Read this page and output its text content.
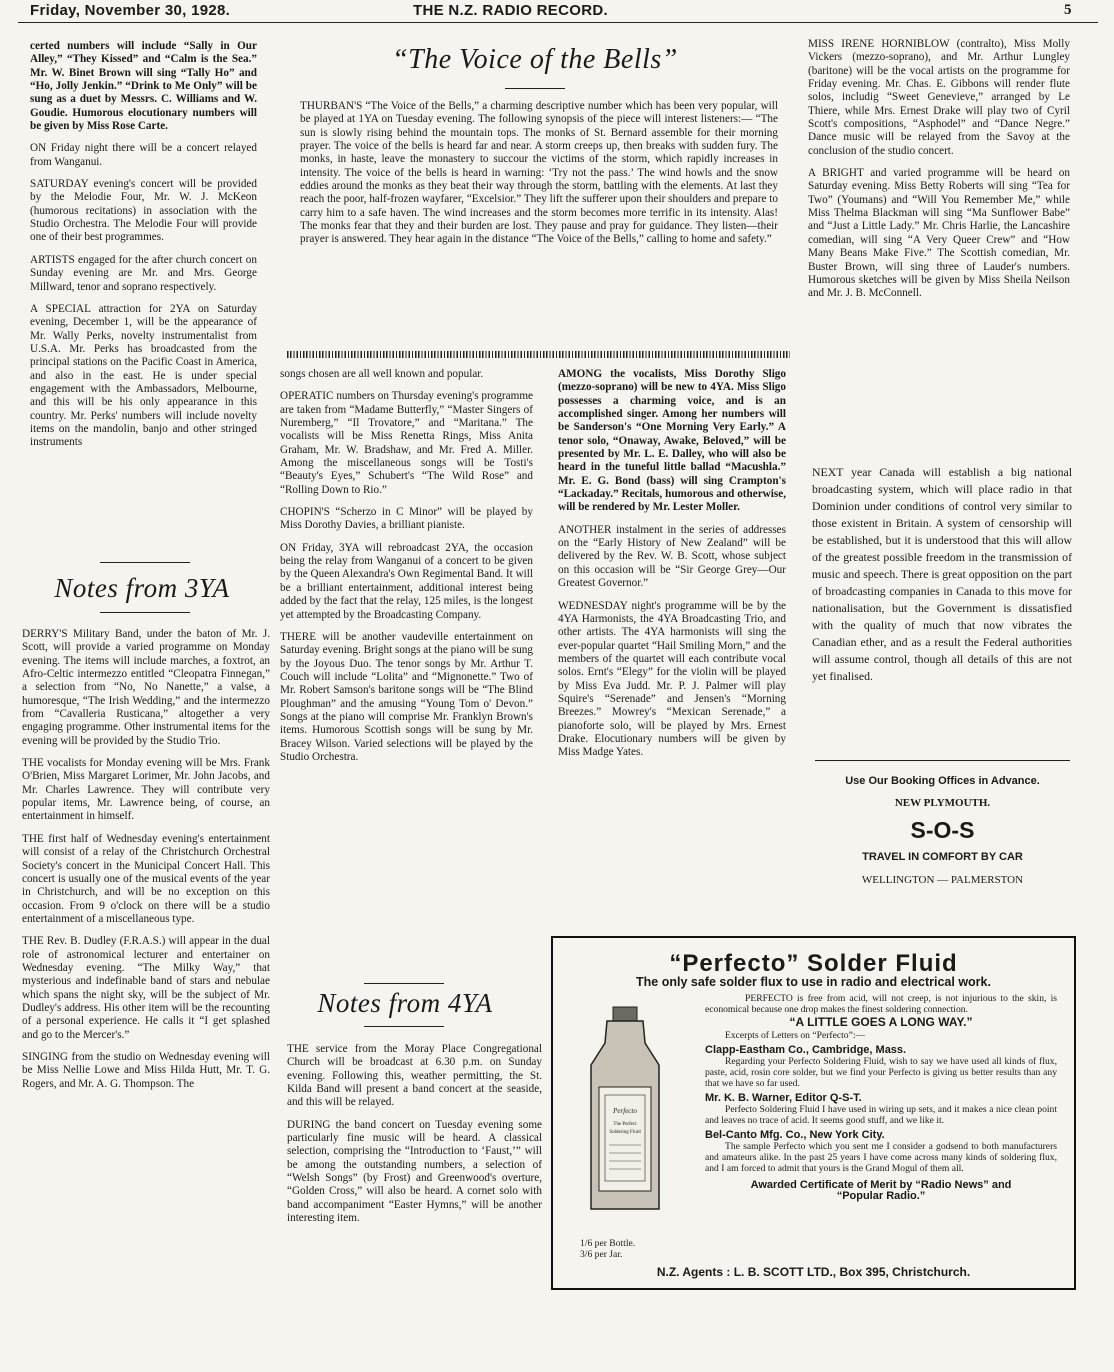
Friday, November 30, 1928.	THE N.Z. RADIO RECORD.	5

certed numbers will include “Sally in Our Alley,” “They Kissed” and “Calm is the Sea.” Mr. W. Binet Brown will sing “Tally Ho” and “Ho, Jolly Jenkin.” “Drink to Me Only” will be sung as a duet by Messrs. C. Williams and W. Goudie. Humorous elocutionary numbers will be given by Miss Rose Carte.

ON Friday night there will be a concert relayed from Wanganui.

SATURDAY evening's concert will be provided by the Melodie Four, Mr. W. J. McKeon (humorous recitations) in association with the Studio Orchestra. The Melodie Four will provide one of their best programmes.

ARTISTS engaged for the after church concert on Sunday evening are Mr. and Mrs. George Millward, tenor and soprano respectively.

A SPECIAL attraction for 2YA on Saturday evening, December 1, will be the appearance of Mr. Wally Perks, novelty instrumentalist from U.S.A. Mr. Perks has broadcasted from the principal stations on the Pacific Coast in America, and also in the east. He is under special engagement with the Ambassadors, Melbourne, and this will be his only appearance in this country. Mr. Perks' numbers will include novelty items on the mandolin, banjo and other stringed instruments

Notes from 3YA

DERRY'S Military Band, under the baton of Mr. J. Scott, will provide a varied programme on Monday evening. The items will include marches, a foxtrot, an Afro-Celtic intermezzo entitled “Cleopatra Finnegan,” a selection from “No, No Nanette,” a valse, a humoresque, “The Irish Wedding,” and the intermezzo from “Cavalleria Rusticana,” altogether a very engaging programme. Other instrumental items for the evening will be provided by the Studio Trio.

THE vocalists for Monday evening will be Mrs. Frank O'Brien, Miss Margaret Lorimer, Mr. John Jacobs, and Mr. Charles Lawrence. They will contribute very popular items, Mr. Lawrence being, of course, an entertainment in himself.

THE first half of Wednesday evening's entertainment will consist of a relay of the Christchurch Orchestral Society's concert in the Municipal Concert Hall. This concert is usually one of the musical events of the year in Christchurch, and will be no exception on this occasion. From 9 o'clock on there will be a studio entertainment of a miscellaneous type.

THE Rev. B. Dudley (F.R.A.S.) will appear in the dual role of astronomical lecturer and entertainer on Wednesday evening. “The Milky Way,” that mysterious and indefinable band of stars and nebulae which spans the night sky, will be the subject of Mr. Dudley's address. His other item will be the recounting of a personal experience. He calls it “I get splashed and go to the Mercer's.”

SINGING from the studio on Wednesday evening will be Miss Nellie Lowe and Miss Hilda Hutt, Mr. T. G. Rogers, and Mr. A. G. Thompson. The

“The Voice of the Bells”

THURBAN'S “The Voice of the Bells,” a charming descriptive number which has been very popular, will be played at 1YA on Tuesday evening. The following synopsis of the piece will interest listeners:— “The sun is slowly rising behind the mountain tops. The monks of St. Bernard assemble for their morning prayer. The voice of the bells is heard far and near. A storm creeps up, then breaks with sudden fury. The monks, in haste, leave the monastery to succour the victims of the storm, which rapidly increases in intensity. The voice of the bells is heard in warning: ‘Try not the pass.’ The wind howls and the snow eddies around the monks as they beat their way through the storm, battling with the elements. At last they reach the poor, half-frozen wayfarer, “Excelsior.” They lift the sufferer upon their shoulders and prepare to carry him to a safe haven. The wind increases and the storm becomes more terrific in its intensity. Alas! The monks fear that they and their burden are lost. They pause and pray for guidance. They listen—their prayer is answered. They hear again in the distance “The Voice of the Bells,” calling to home and safety.”

songs chosen are all well known and popular.

OPERATIC numbers on Thursday evening's programme are taken from “Madame Butterfly,” “Master Singers of Nuremberg,” “Il Trovatore,” and “Maritana.” The vocalists will be Miss Renetta Rings, Miss Anita Graham, Mr. W. Bradshaw, and Mr. Fred A. Miller. Among the miscellaneous songs will be Tosti's “Beauty's Eyes,” Schubert's “The Wild Rose” and “Rolling Down to Rio.”

CHOPIN'S “Scherzo in C Minor” will be played by Miss Dorothy Davies, a brilliant pianiste.

ON Friday, 3YA will rebroadcast 2YA, the occasion being the relay from Wanganui of a concert to be given by the Queen Alexandra's Own Regimental Band. It will be a brilliant entertainment, additional interest being added by the fact that the relay, 125 miles, is the longest yet attempted by the Broadcasting Company.

THERE will be another vaudeville entertainment on Saturday evening. Bright songs at the piano will be sung by the Joyous Duo. The tenor songs by Mr. Arthur T. Couch will include “Lolita” and “Mignonette.” Two of Mr. Robert Samson's baritone songs will be “The Blind Ploughman” and the amusing “Young Tom o' Devon.” Songs at the piano will comprise Mr. Franklyn Brown's items. Humorous Scottish songs will be sung by Mr. Bracey Wilson. Varied selections will be played by the Studio Orchestra.

Notes from 4YA

THE service from the Moray Place Congregational Church will be broadcast at 6.30 p.m. on Sunday evening. Following this, weather permitting, the St. Kilda Band will present a band concert at the seaside, and this will be relayed.

DURING the band concert on Tuesday evening some particularly fine music will be heard. A classical selection, comprising the “Introduction to ‘Faust,’” will be among the outstanding numbers, a selection of “Welsh Songs” (by Frost) and Greenwood's overture, “Golden Cross,” will also be heard. A cornet solo with band accompaniment “Easter Hymns,” will be another interesting item.

AMONG the vocalists, Miss Dorothy Sligo (mezzo-soprano) will be new to 4YA. Miss Sligo possesses a charming voice, and is an accomplished singer. Among her numbers will be Sanderson's “One Morning Very Early.” A tenor solo, “Onaway, Awake, Beloved,” will be presented by Mr. L. E. Dalley, who will also be heard in the tuneful little ballad “Macushla.” Mr. E. G. Bond (bass) will sing Crampton's “Lackaday.” Recitals, humorous and otherwise, will be rendered by Mr. Lester Moller.

ANOTHER instalment in the series of addresses on the “Early History of New Zealand” will be delivered by the Rev. W. B. Scott, whose subject on this occasion will be “Sir George Grey—Our Greatest Governor.”

WEDNESDAY night's programme will be by the 4YA Harmonists, the 4YA Broadcasting Trio, and other artists. The 4YA harmonists will sing the ever-popular quartet “Hail Smiling Morn,” and the members of the quartet will each contribute vocal solos. Ernt's “Elegy” for the violin will be played by Miss Eva Judd. Mr. P. J. Palmer will play Squire's “Serenade” and Jensen's “Morning Breezes.” Mowrey's “Mexican Serenade,” a pianoforte solo, will be played by Mrs. Ernest Drake. Elocutionary numbers will be given by Miss Madge Yates.

MISS IRENE HORNIBLOW (contralto), Miss Molly Vickers (mezzo-soprano), and Mr. Arthur Lungley (baritone) will be the vocal artists on the programme for Friday evening. Mr. Chas. E. Gibbons will render flute solos, includig “Sweet Genevieve,” arranged by Le Thiere, while Mrs. Ernest Drake will play two of Cyril Scott's compositions, “Asphodel” and “Dance Negre.” Dance music will be relayed from the Savoy at the conclusion of the studio concert.

A BRIGHT and varied programme will be heard on Saturday evening. Miss Betty Roberts will sing “Tea for Two” (Youmans) and “Will You Remember Me,” while Miss Thelma Blackman will sing “Ma Sunflower Babe” and “Just a Little Lady.” Mr. Chris Harlie, the Lancashire comedian, will sing “A Very Queer Crew” and “How Many Beans Make Five.” The Scottish comedian, Mr. Buster Brown, will sing three of Lauder's numbers. Humorous sketches will be given by Miss Sheila Neilson and Mr. J. B. McConnell.

NEXT year Canada will establish a big national broadcasting system, which will place radio in that Dominion under conditions of control very similar to those existent in Britain. A system of censorship will be established, but it is understood that this will allow of the greatest possible freedom in the transmission of music and speech. There is great opposition on the part of broadcasting companies in Canada to this move for nationalisation, but the Government is dissatisfied with the quality of much that now vibrates the Canadian ether, and as a result the Federal authorities will assume control, though all details of this are not yet finalised.

Use Our Booking Offices in Advance.
NEW PLYMOUTH.
S-O-S
TRAVEL IN COMFORT BY CAR
WELLINGTON — PALMERSTON
“Perfecto” Solder Fluid
The only safe solder flux to use in radio and electrical work.
Perfecto
The Perfect
Soldering Fluid
1/6 per Bottle.
3/6 per Jar.

PERFECTO is free from acid, will not creep, is not injurious to the skin, is economical because one drop makes the finest soldering connection.

“A LITTLE GOES A LONG WAY.”

Excerpts of Letters on “Perfecto”:—

Clapp-Eastham Co., Cambridge, Mass.

Regarding your Perfecto Soldering Fluid, wish to say we have used all kinds of flux, paste, acid, rosin core solder, but we find your Perfecto is giving us better results than any that we have so far used.

Mr. K. B. Warner, Editor Q-S-T.

Perfecto Soldering Fluid I have used in wiring up sets, and it makes a nice clean point and leaves no trace of acid. It seems good stuff, and we like it.

Bel-Canto Mfg. Co., New York City.

The sample Perfecto which you sent me I consider a godsend to both manufacturers and amateurs alike. In the past 25 years I have come across many kinds of soldering flux, and I am forced to admit that yours is the Grand Mogul of them all.

Awarded Certificate of Merit by “Radio News” and “Popular Radio.”
N.Z. Agents : L. B. SCOTT LTD., Box 395, Christchurch.
